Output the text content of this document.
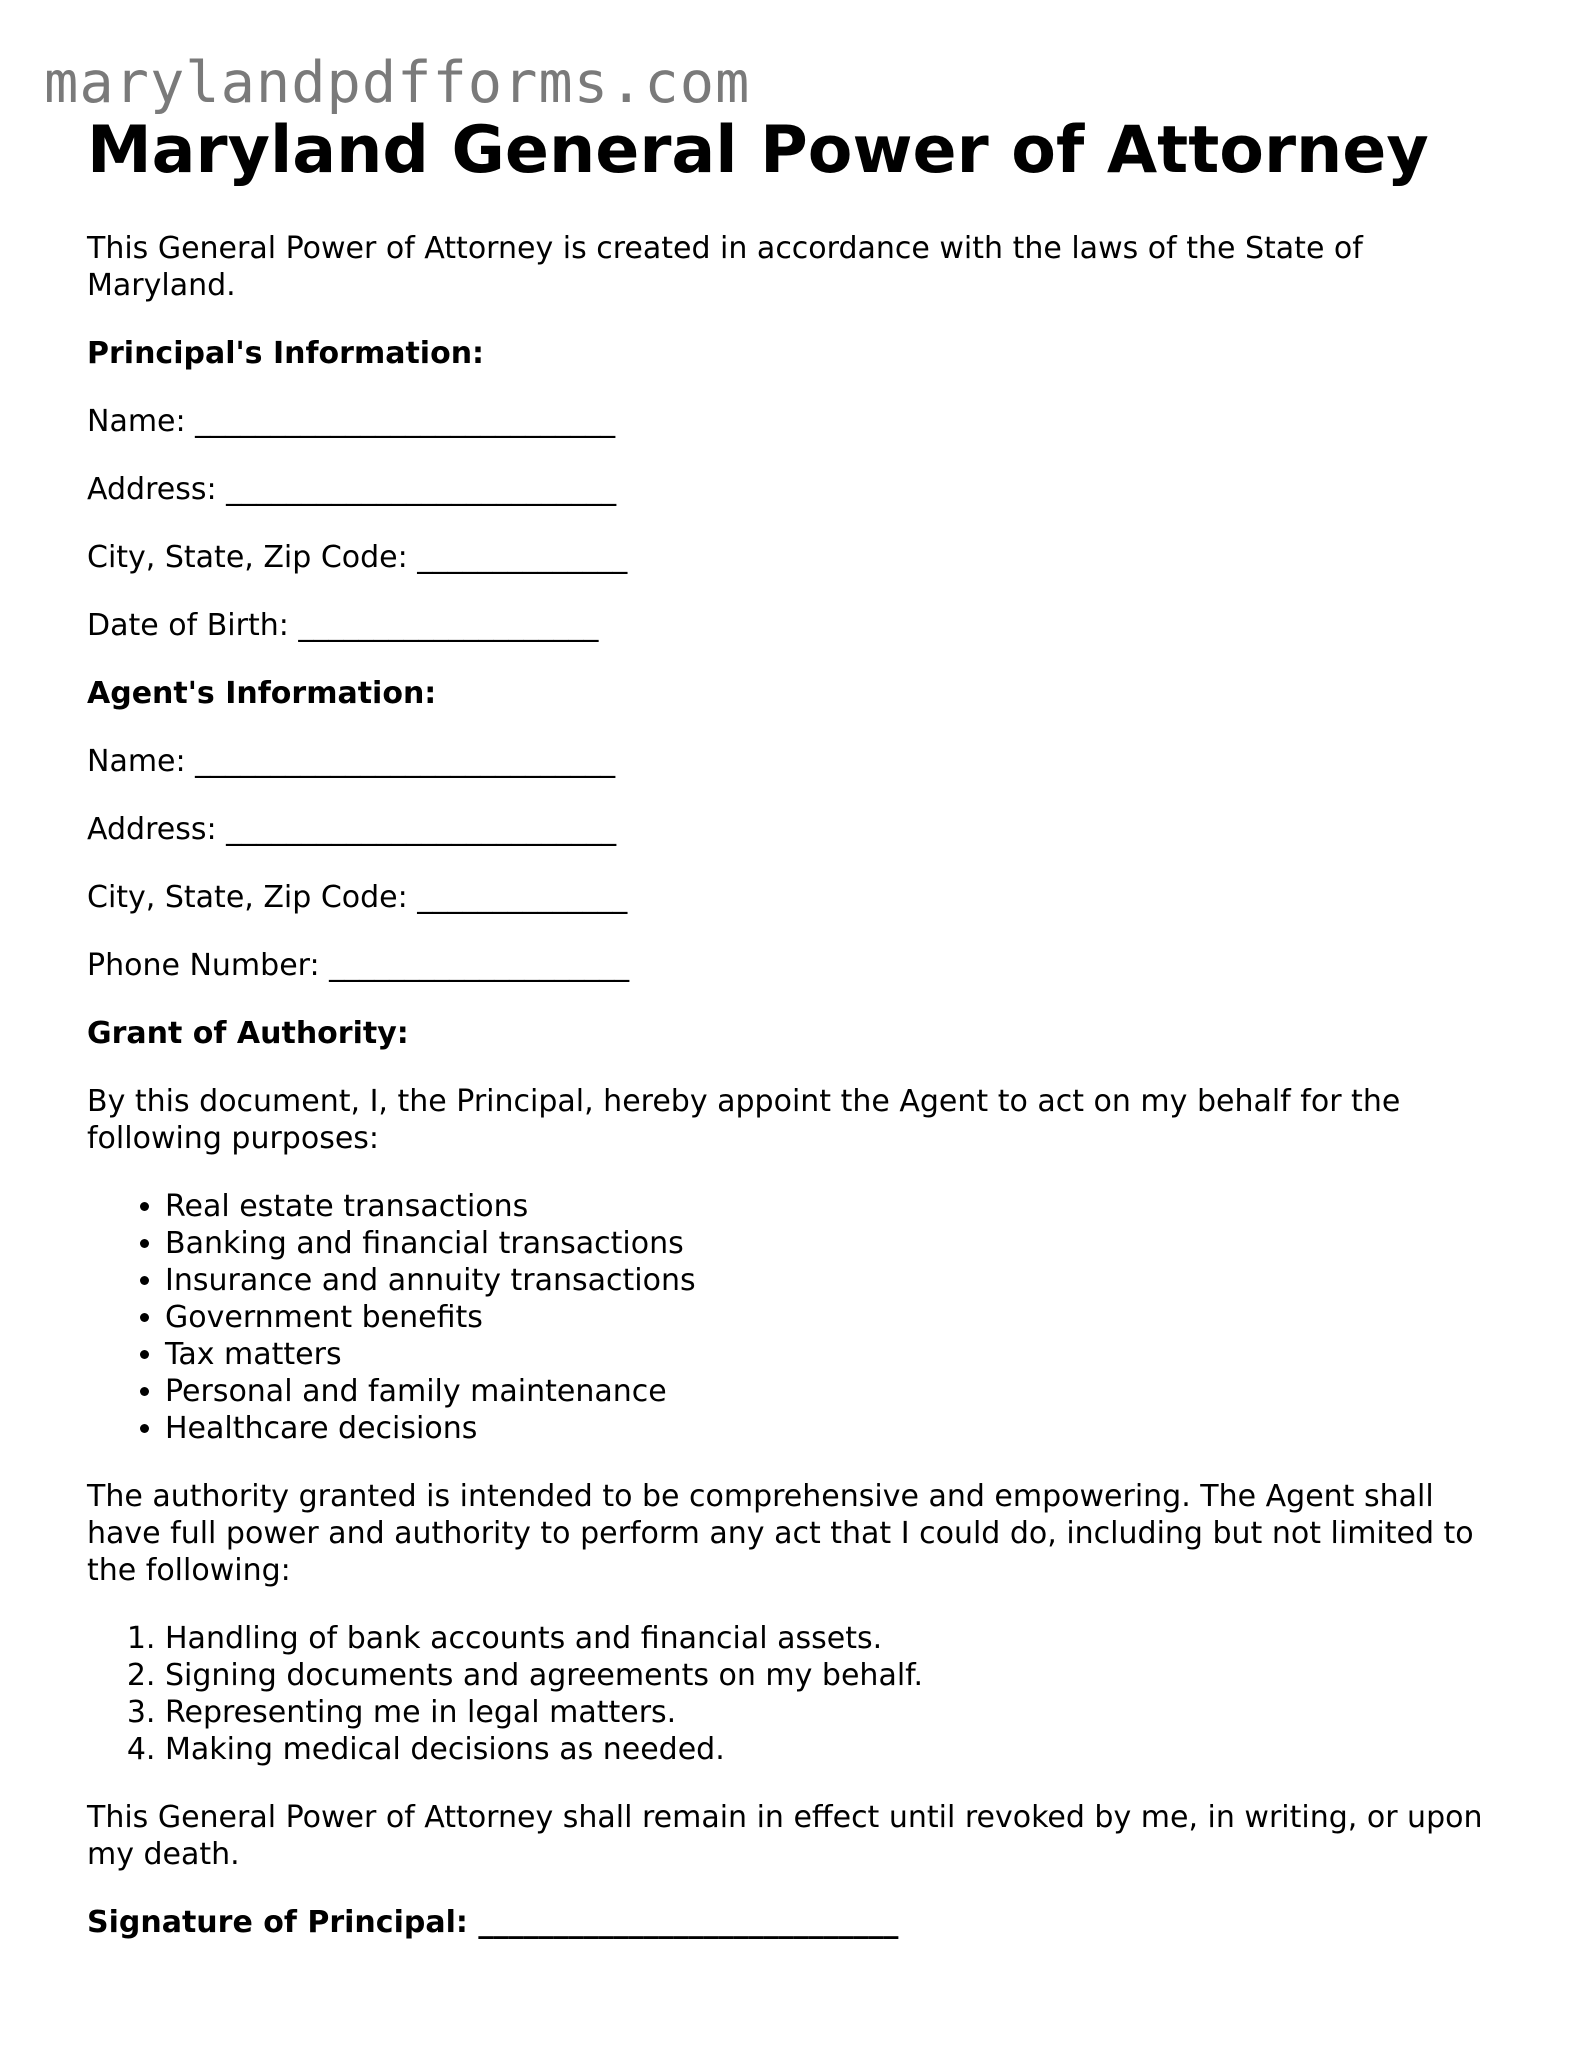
marylandpdfforms.com
Maryland General Power of Attorney

This General Power of Attorney is created in accordance with the laws of the State of Maryland.

Principal's Information:

Name: ____________________________

Address: __________________________

City, State, Zip Code: ______________

Date of Birth: ____________________

Agent's Information:

Name: ____________________________

Address: __________________________

City, State, Zip Code: ______________

Phone Number: ____________________

Grant of Authority:

By this document, I, the Principal, hereby appoint the Agent to act on my behalf for the following purposes:

• Real estate transactions
• Banking and financial transactions
• Insurance and annuity transactions
• Government benefits
• Tax matters
• Personal and family maintenance
• Healthcare decisions

The authority granted is intended to be comprehensive and empowering. The Agent shall have full power and authority to perform any act that I could do, including but not limited to the following:

1. Handling of bank accounts and financial assets.
2. Signing documents and agreements on my behalf.
3. Representing me in legal matters.
4. Making medical decisions as needed.

This General Power of Attorney shall remain in effect until revoked by me, in writing, or upon my death.

Signature of Principal: ____________________________
